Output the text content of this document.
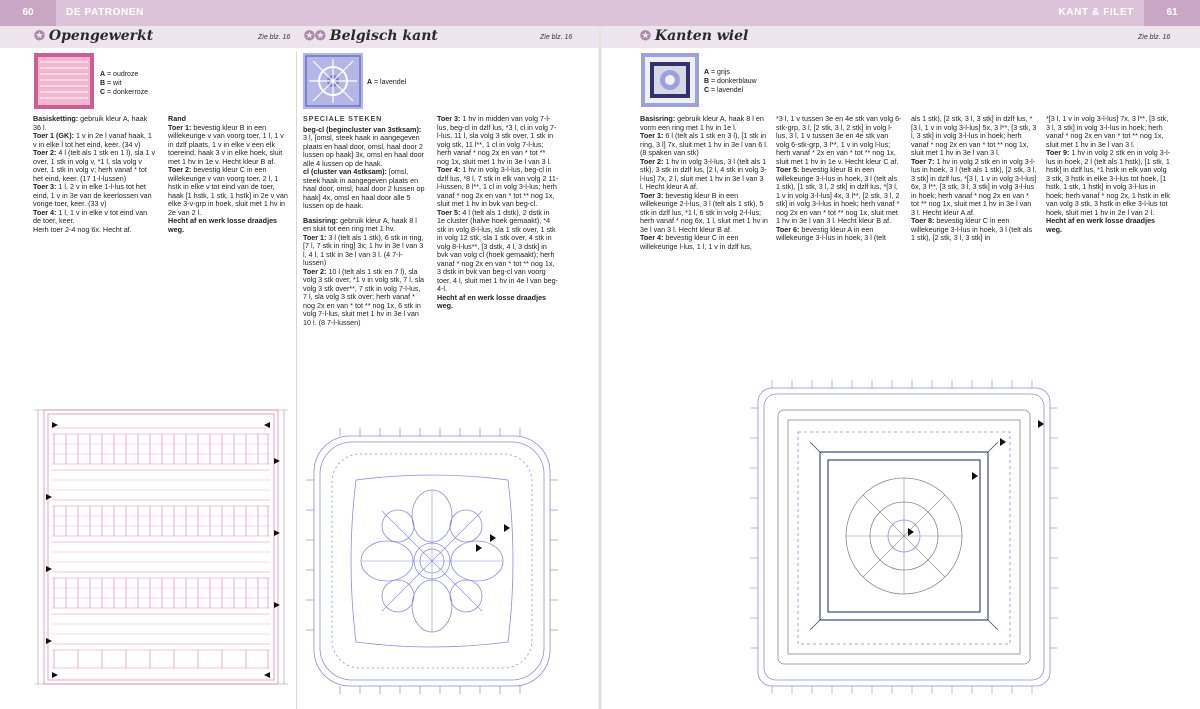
60	DE PATRONEN	KANT & FILET	61
✪ Opengewerkt	Zie blz. 16
A = oudroze
B = wit
C = donkerroze

Basisketting: gebruik kleur A, haak 36 l.

Toer 1 (GK): 1 v in 2e l vanaf haak, 1 v in elke l tot het eind, keer. (34 v)

Toer 2: 4 l (telt als 1 stk en 1 l), sla 1 v over, 1 stk in volg v, *1 l, sla volg v over, 1 stk in volg v; herh vanaf * tot het eind, keer. (17 1-l-lussen)

Toer 3: 1 l, 2 v in elke 1-l-lus tot het eind, 1 v in 3e van de keerlossen van vorige toer, keer. (33 v)

Toer 4: 1 l, 1 v in elke v tot eind van de toer, keer.

Herh toer 2-4 nog 6x. Hecht af.

Rand

Toer 1: bevestig kleur B in een willekeurige v van voorg toer, 1 l, 1 v in dzlf plaats, 1 v in elke v een elk toereind, haak 3 v in elke hoek, sluit met 1 hv in 1e v. Hecht kleur B af.

Toer 2: bevestig kleur C in een willekeurige v van voorg toer, 2 l, 1 hstk in elke v tot eind van de toer, haak [1 hstk, 1 stk, 1 hstk] in 2e v van elke 3-v-grp in hoek, sluit met 1 hv in 2e van 2 l.

Hecht af en werk losse draadjes weg.

✪✪ Belgisch kant	Zie blz. 16
A = lavendel

SPECIALE STEKEN

beg-cl (begincluster van 3stksam): 3 l, [omsl, steek haak in aangegeven plaats en haal door, omsl, haal door 2 lussen op haak] 3x, omsl en haal door alle 4 lussen op de haak.

cl (cluster van 4stksam): [omsl, steek haak in aangegeven plaats en haal door, omsl, haal door 2 lussen op haak] 4x, omsl en haal door alle 5 lussen op de haak.

Basisring: gebruik kleur A, haak 8 l en sluit tot een ring met 1 hv.

Toer 1: 3 l (telt als 1 stk), 6 stk in ring, [7 l, 7 stk in ring] 3x; 1 hv in 3e l van 3 l, 4 l, 1 stk in 3e l van 3 l. (4 7-l-lussen)

Toer 2: 10 l (telt als 1 stk en 7 l), sla volg 3 stk over, *1 v in volg stk, 7 l, sla volg 3 stk over**, 7 stk in volg 7-l-lus, 7 l, sla volg 3 stk over; herh vanaf * nog 2x en van * tot ** nog 1x, 6 stk in volg 7-l-lus, sluit met 1 hv in 3e l van 10 l. (8 7-l-lussen)

Toer 3: 1 hv in midden van volg 7-l-lus, beg-cl in dzlf lus, *3 l, cl in volg 7-l-lus, 11 l, sla volg 3 stk over, 1 stk in volg stk, 11 l**, 1 cl in volg 7-l-lus; herh vanaf * nog 2x en van * tot ** nog 1x, sluit met 1 hv in 3e l van 3 l.

Toer 4: 1 hv in volg 3-l-lus, beg-cl in dzlf lus, *8 l, 7 stk in elk van volg 2 11-l-lussen, 8 l**, 1 cl in volg 3-l-lus; herh vanaf * nog 2x en van * tot ** nog 1x, sluit met 1 hv in bvk van beg-cl.

Toer 5: 4 l (telt als 1 dstk), 2 dstk in 1e cluster (halve hoek gemaakt), *4 stk in volg 8-l-lus, sla 1 stk over, 1 stk in volg 12 stk, sla 1 stk over, 4 stk in volg 8-l-lus**, [3 dstk, 4 l, 3 dstk] in bvk van volg cl (hoek gemaakt); herh vanaf * nog 2x en van * tot ** nog 1x, 3 dstk in bvk van beg-cl van voorg toer, 4 l, sluit met 1 hv in 4e l van beg-4-l.

Hecht af en werk losse draadjes weg.

✪ Kanten wiel	Zie blz. 16
A = grijs
B = donkerblauw
C = lavendel

Basisring: gebruik kleur A, haak 8 l en vorm een ring met 1 hv in 1e l.

Toer 1: 6 l (telt als 1 stk en 3 l), [1 stk in ring, 3 l] 7x, sluit met 1 hv in 3e l van 6 l. (8 spaken van stk)

Toer 2: 1 hv in volg 3-l-lus, 3 l (telt als 1 stk), 3 stk in dzlf lus, [2 l, 4 stk in volg 3-l-lus] 7x, 2 l, sluit met 1 hv in 3e l van 3 l. Hecht kleur A af.

Toer 3: bevestig kleur B in een willekeurige 2-l-lus, 3 l (telt als 1 stk), 5 stk in dzlf lus, *1 l, 6 stk in volg 2-l-lus; herh vanaf * nog 6x, 1 l, sluit met 1 hv in 3e l van 3 l. Hecht kleur B af.

Toer 4: bevestig kleur C in een willekeurige l-lus, 1 l, 1 v in dzlf lus,

*3 l, 1 v tussen 3e en 4e stk van volg 6-stk-grp, 3 l, [2 stk, 3 l, 2 stk] in volg l-lus, 3 l, 1 v tussen 3e en 4e stk van volg 6-stk-grp, 3 l**, 1 v in volg l-lus; herh vanaf * 2x en van * tot ** nog 1x, sluit met 1 hv in 1e v. Hecht kleur C af.

Toer 5: bevestig kleur B in een willekeurige 3-l-lus in hoek, 3 l (telt als 1 stk), [1 stk, 3 l, 2 stk] in dzlf lus, *[3 l, 1 v in volg 3-l-lus] 4x, 3 l**, [2 stk, 3 l, 2 stk] in volg 3-l-lus in hoek; herh vanaf * nog 2x en van * tot ** nog 1x, sluit met 1 hv in 3e l van 3 l. Hecht kleur B af.

Toer 6: bevestig kleur A in een willekeurige 3-l-lus in hoek, 3 l (telt

als 1 stk), [2 stk, 3 l, 3 stk] in dzlf lus, *[3 l, 1 v in volg 3-l-lus] 5x, 3 l**, [3 stk, 3 l, 3 stk] in volg 3-l-lus in hoek; herh vanaf * nog 2x en van * tot ** nog 1x, sluit met 1 hv in 3e l van 3 l.

Toer 7: 1 hv in volg 2 stk en in volg 3-l-lus in hoek, 3 l (telt als 1 stk), [2 stk, 3 l, 3 stk] in dzlf lus, *[3 l, 1 v in volg 3-l-lus] 6x, 3 l**, [3 stk, 3 l, 3 stk] in volg 3-l-lus in hoek; herh vanaf * nog 2x en van * tot ** nog 1x, sluit met 1 hv in 3e l van 3 l. Hecht kleur A af.

Toer 8: bevestig kleur C in een willekeurige 3-l-lus in hoek, 3 l (telt als 1 stk), [2 stk, 3 l, 3 stk] in

*[3 l, 1 v in volg 3-l-lus] 7x, 3 l**, [3 stk, 3 l, 3 stk] in volg 3-l-lus in hoek; herh vanaf * nog 2x en van * tot ** nog 1x, sluit met 1 hv in 3e l van 3 l.

Toer 9: 1 hv in volg 2 stk en in volg 3-l-lus in hoek, 2 l (telt als 1 hstk), [1 stk, 1 hstk] in dzlf lus, *1 hstk in elk van volg 3 stk, 3 hstk in elke 3-l-lus tot hoek, [1 hstk, 1 stk, 1 hstk] in volg 3-l-lus in hoek; herh vanaf * nog 2x, 1 hstk in elk van volg 3 stk, 3 hstk in elke 3-l-lus tot hoek, sluit met 1 hv in 2e l van 2 l.

Hecht af en werk losse draadjes weg.
